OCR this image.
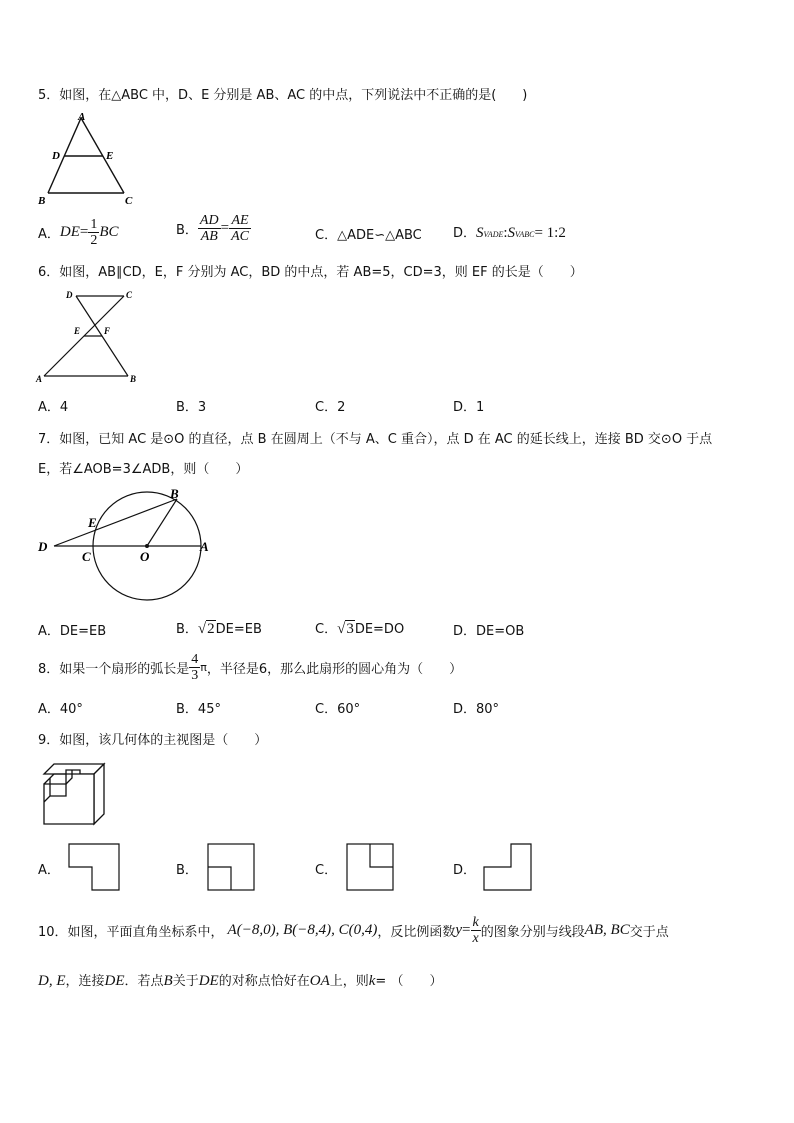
5．如图，在△ABC 中，D、E 分别是 AB、AC 的中点，下列说法中不正确的是(　　)
A
D	E
B	C
A． DE = $\frac{1}{2}$ BC	B． $\frac{AD}{AB} = \frac{AE}{AC}$	C．△ADE∽△ABC D． S VADE : S VABC = 1:2
6．如图，AB∥CD，E，F 分别为 AC，BD 的中点，若 AB=5，CD=3，则 EF 的长是（　　）
D	C
E	F
A	B
A．4	B．3	C．2	D．1
7．如图，已知 AC 是⊙O 的直径，点 B 在圆周上（不与 A、C 重合），点 D 在 AC 的延长线上，连接 BD 交⊙O 于点
E，若∠AOB=3∠ADB，则（　　）
B
E
D
C	O
A
A．DE=EB	B． √2 DE=EB	C． √3 DE=DO	D．DE=OB
8．如果一个扇形的弧长是 $\frac{4}{3}$ π ，半径是6，那么此扇形的圆心角为（　　）
A．40°	B．45°	C．60°	D．80°
9．如图，该几何体的主视图是（　　）
A．	B．	C．	D．
10．如图，平面直角坐标系中， A(−8,0), B(−8,4), C(0,4) ，反比例函数 $y = \frac{k}{x}$ 的图象分别与线段 AB, BC 交于点
D, E ，连接 DE ．若点 B 关于 DE 的对称点恰好在 OA 上，则 k = （　　）
